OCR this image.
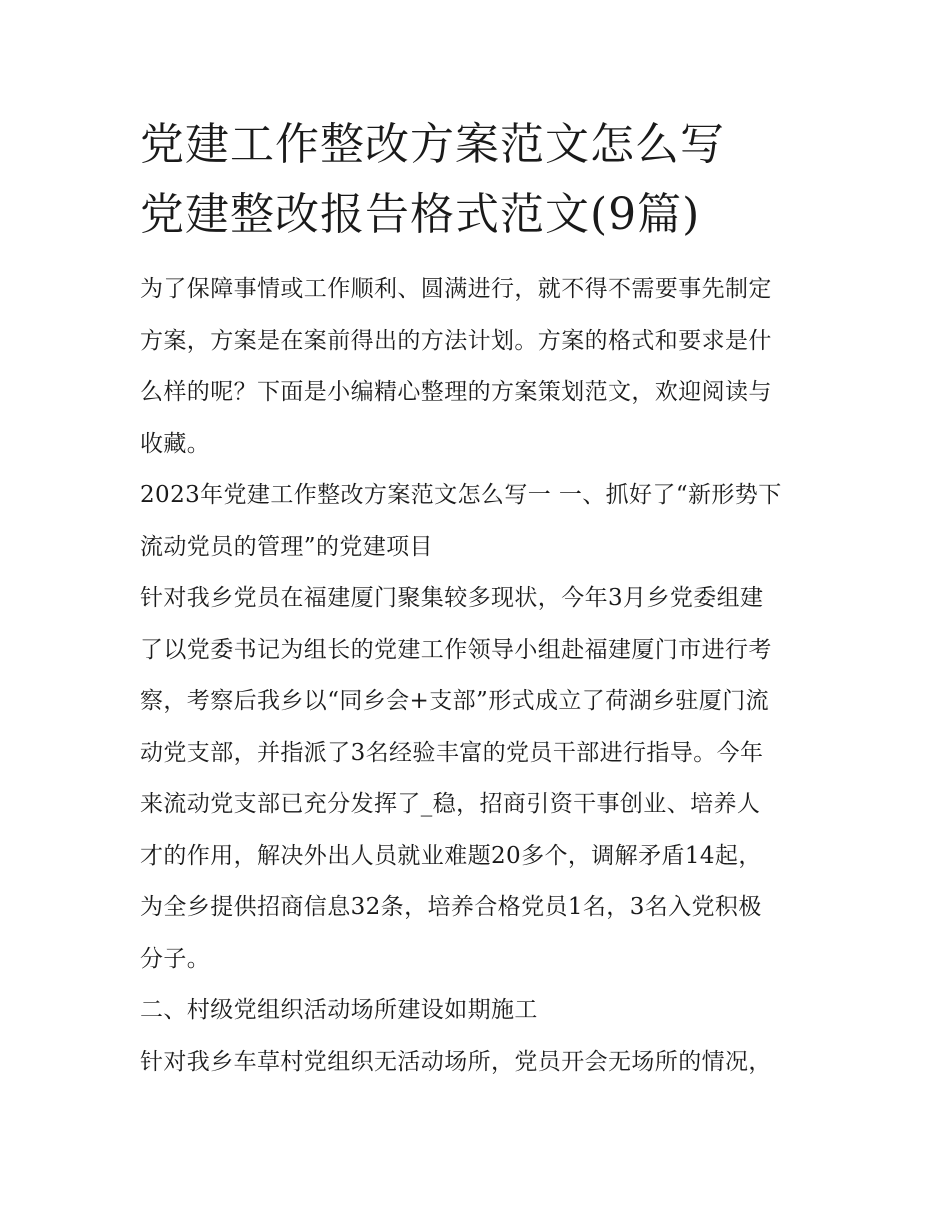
党建工作整改方案范文怎么写
党建整改报告格式范文(9篇)

为了保障事情或工作顺利、圆满进行，就不得不需要事先制定
方案，方案是在案前得出的方法计划。方案的格式和要求是什
么样的呢？下面是小编精心整理的方案策划范文，欢迎阅读与
收藏。

2023年党建工作整改方案范文怎么写一 一、抓好了“新形势下
流动党员的管理”的党建项目

针对我乡党员在福建厦门聚集较多现状，今年3月乡党委组建
了以党委书记为组长的党建工作领导小组赴福建厦门市进行考
察，考察后我乡以“同乡会+支部”形式成立了荷湖乡驻厦门流
动党支部，并指派了3名经验丰富的党员干部进行指导。今年
来流动党支部已充分发挥了_稳，招商引资干事创业、培养人
才的作用，解决外出人员就业难题20多个，调解矛盾14起，
为全乡提供招商信息32条，培养合格党员1名，3名入党积极
分子。

二、村级党组织活动场所建设如期施工

针对我乡车草村党组织无活动场所，党员开会无场所的情况，
